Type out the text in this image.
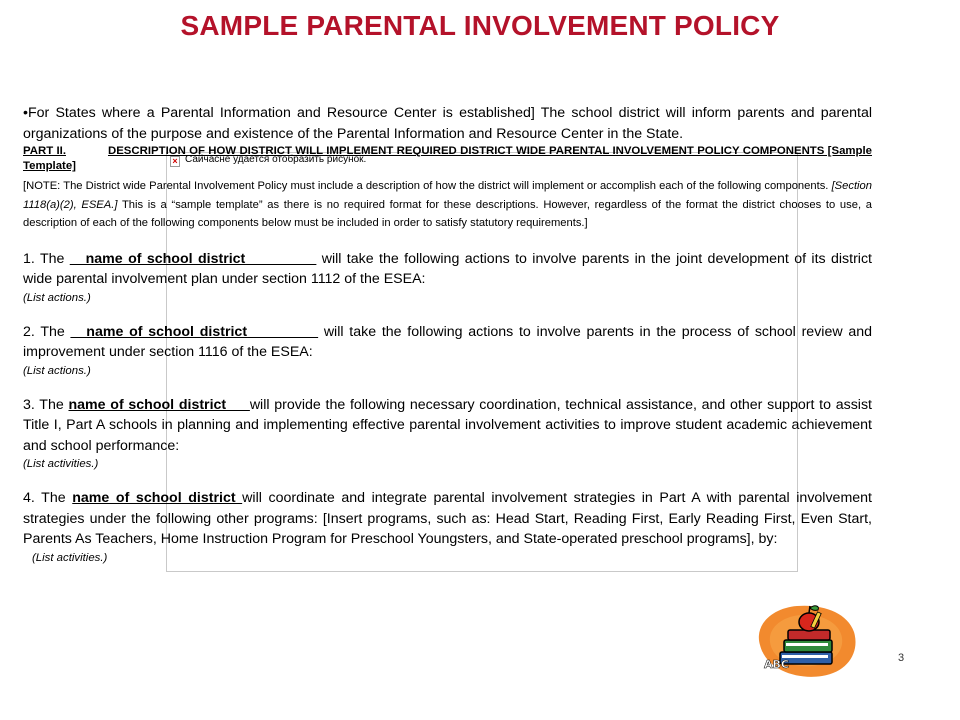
SAMPLE PARENTAL INVOLVEMENT POLICY
× Сайчасне удается отобразить рисунок.

•For States where a Parental Information and Resource Center is established] The school district will inform parents and parental organizations of the purpose and existence of the Parental Information and Resource Center in the State.

PART II.	DESCRIPTION OF HOW DISTRICT WILL IMPLEMENT REQUIRED DISTRICT WIDE PARENTAL INVOLVEMENT POLICY COMPONENTS [Sample Template]

[NOTE: The District wide Parental Involvement Policy must include a description of how the district will implement or accomplish each of the following components. [Section 1118(a)(2), ESEA.] This is a “sample template” as there is no required format for these descriptions. However, regardless of the format the district chooses to use, a description of each of the following components below must be included in order to satisfy statutory requirements.]

1. The __name of school district_________ will take the following actions to involve parents in the joint development of its district wide parental involvement plan under section 1112 of the ESEA:

(List actions.)

2. The __name of school district_________ will take the following actions to involve parents in the process of school review and improvement under section 1116 of the ESEA:

(List actions.)

3. The name of school district___will provide the following necessary coordination, technical assistance, and other support to assist Title I, Part A schools in planning and implementing effective parental involvement activities to improve student academic achievement and school performance:

(List activities.)

4. The name of school district will coordinate and integrate parental involvement strategies in Part A with parental involvement strategies under the following other programs: [Insert programs, such as: Head Start, Reading First, Early Reading First, Even Start, Parents As Teachers, Home Instruction Program for Preschool Youngsters, and State-operated preschool programs], by:

(List activities.)

ABC	3
